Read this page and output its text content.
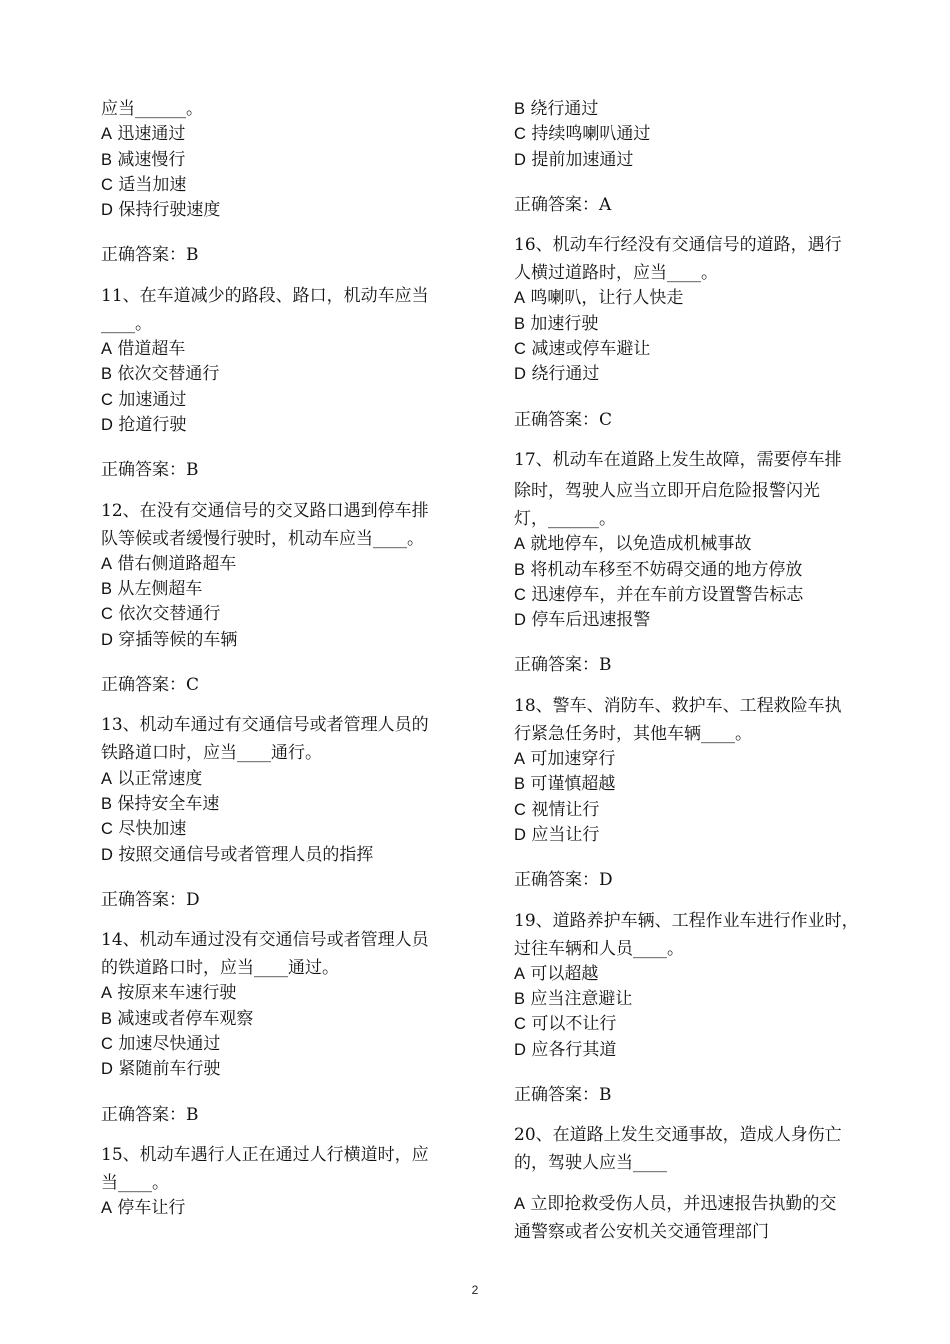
应当______。
A 迅速通过
B 减速慢行
C 适当加速
D 保持行驶速度
正确答案：B
11、在车道减少的路段、路口，机动车应当
____。
A 借道超车
B 依次交替通行
C 加速通过
D 抢道行驶
正确答案：B
12、在没有交通信号的交叉路口遇到停车排
队等候或者缓慢行驶时，机动车应当____。
A 借右侧道路超车
B 从左侧超车
C 依次交替通行
D 穿插等候的车辆
正确答案：C
13、机动车通过有交通信号或者管理人员的
铁路道口时，应当____通行。
A 以正常速度
B 保持安全车速
C 尽快加速
D 按照交通信号或者管理人员的指挥
正确答案：D
14、机动车通过没有交通信号或者管理人员
的铁道路口时，应当____通过。
A 按原来车速行驶
B 减速或者停车观察
C 加速尽快通过
D 紧随前车行驶
正确答案：B
15、机动车遇行人正在通过人行横道时，应
当____。
A 停车让行
B 绕行通过
C 持续鸣喇叭通过
D 提前加速通过
正确答案：A
16、机动车行经没有交通信号的道路，遇行
人横过道路时，应当____。
A 鸣喇叭，让行人快走
B 加速行驶
C 减速或停车避让
D 绕行通过
正确答案：C
17、机动车在道路上发生故障，需要停车排
除时，驾驶人应当立即开启危险报警闪光
灯，______。
A 就地停车，以免造成机械事故
B 将机动车移至不妨碍交通的地方停放
C 迅速停车，并在车前方设置警告标志
D 停车后迅速报警
正确答案：B
18、警车、消防车、救护车、工程救险车执
行紧急任务时，其他车辆____。
A 可加速穿行
B 可谨慎超越
C 视情让行
D 应当让行
正确答案：D
19、道路养护车辆、工程作业车进行作业时，
过往车辆和人员____。
A 可以超越
B 应当注意避让
C 可以不让行
D 应各行其道
正确答案：B
20、在道路上发生交通事故，造成人身伤亡
的，驾驶人应当____
A 立即抢救受伤人员，并迅速报告执勤的交
通警察或者公安机关交通管理部门
2
